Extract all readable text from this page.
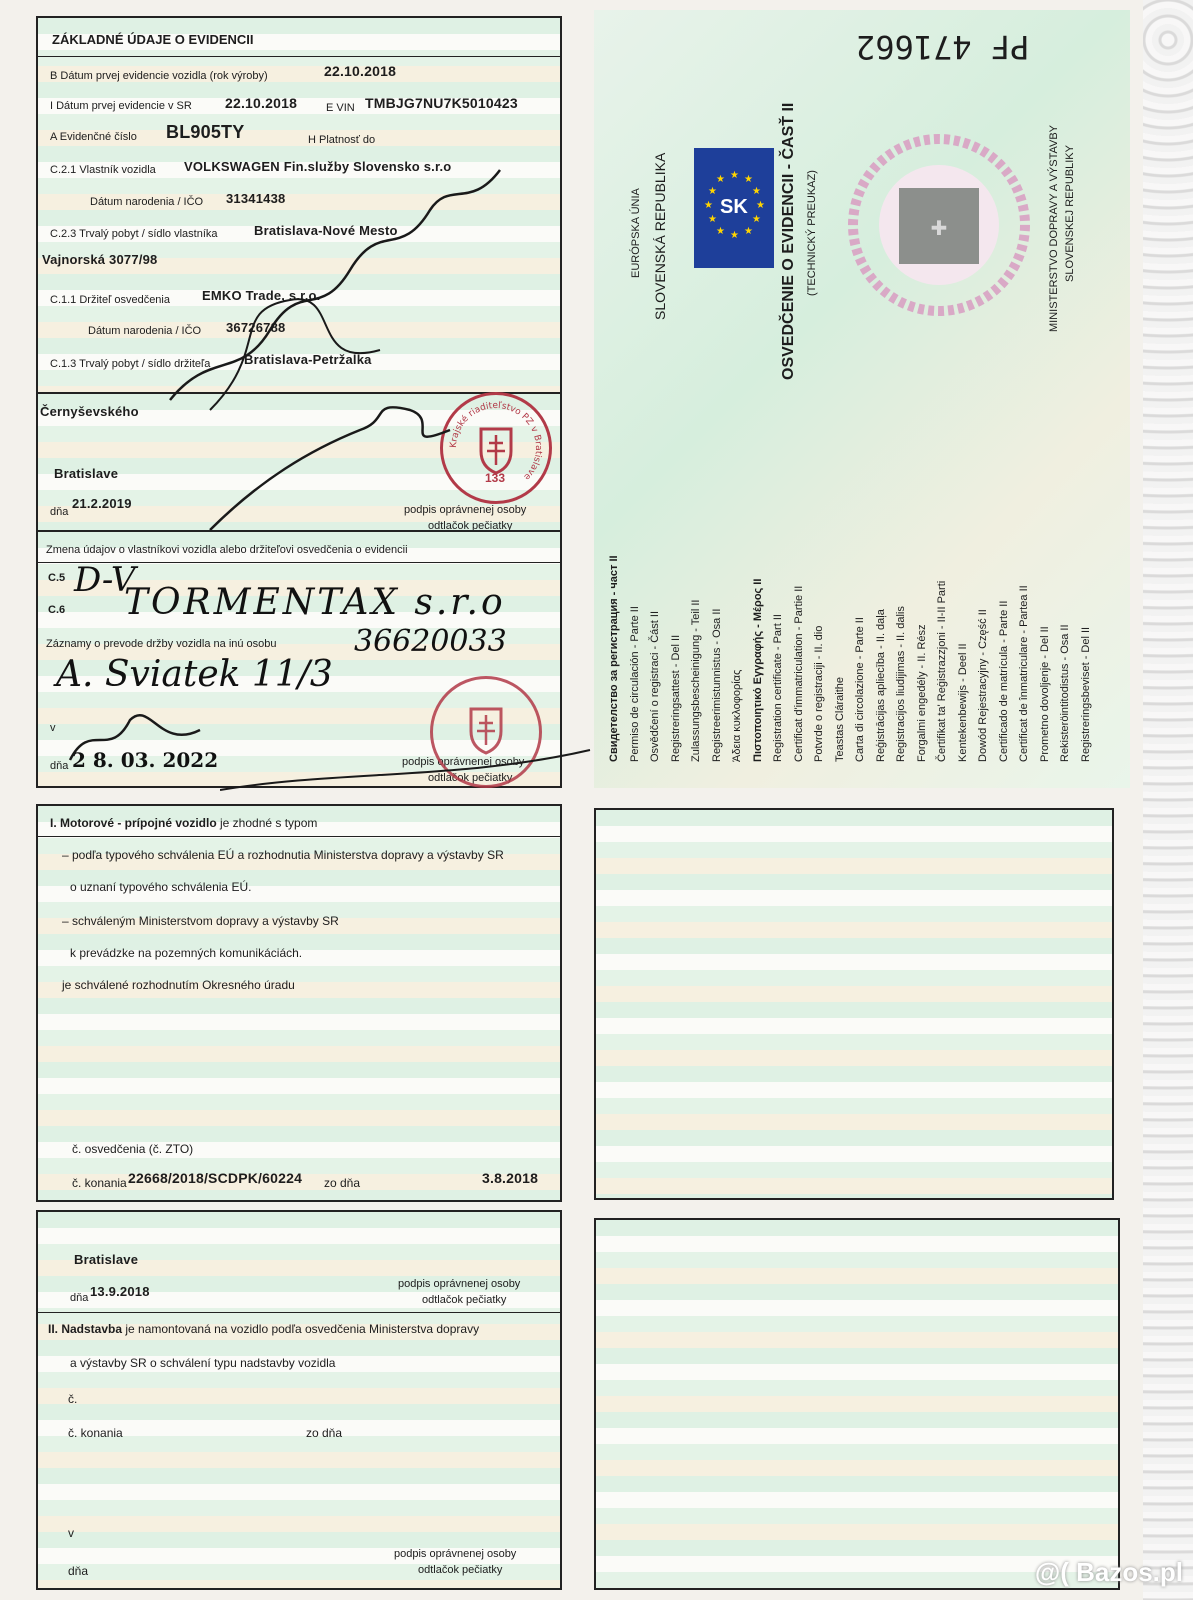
ZÁKLADNÉ ÚDAJE O EVIDENCII
B Dátum prvej evidencie vozidla (rok výroby)	22.10.2018
I Dátum prvej evidencie v SR 22.10.2018	E VIN TMBJG7NU7K5010423
A Evidenčné číslo BL905TY	H Platnosť do
C.2.1 Vlastník vozidla VOLKSWAGEN Fin.služby Slovensko s.r.o
Dátum narodenia / IČO 31341438
C.2.3 Trvalý pobyt / sídlo vlastníka	Bratislava-Nové Mesto
Vajnorská 3077/98
C.1.1 Držiteľ osvedčenia EMKO Trade, s.r.o.
Dátum narodenia / IČO 36726788
C.1.3 Trvalý pobyt / sídlo držiteľa	Bratislava-Petržalka
Černyševského
Bratislave
dňa
21.2.2019	podpis oprávnenej osoby
odtlačok pečiatky
Zmena údajov o vlastníkovi vozidla alebo držiteľovi osvedčenia o evidencii
C.5 D-V
C.6 TORMENTAX s.r.o
Záznamy o prevode držby vozidla na inú osobu	36620033
A. Sviatek 11/3
v
dňa 2 8. 03. 2022	podpis oprávnenej osoby
odtlačok pečiatky
PF 471662
SK
★ ★
★
★
★
★
★
★
★
★
★
★
EURÓPSKA ÚNIA SLOVENSKÁ REPUBLIKA	OSVEDČENIE O EVIDENCII - ČASŤ II (TECHNICKÝ PREUKAZ)	MINISTERSTVO DOPRAVY A VÝSTAVBY SLOVENSKEJ REPUBLIKY
✚
Свидетелство за регистрация - част II Permiso de circulación - Parte II Osvědčení o registraci - Část II Registreringsattest - Del II Zulassungsbescheinigung - Teil II Registreerimistunnistus - Osa II Άδεια κυκλοφορίας Πιστοποιητικό Εγγραφής - Μέρος ΙΙ Registration certificate - Part II Certificat d'immatriculation - Partie II Potvrde o registraciji - II. dio Teastas Cláraithe Carta di circolazione - Parte II Reģistrācijas apliecība - II. daļa Registracijos liudijimas - II. dalis Forgalmi engedély - II. Rész Čertifikat ta' Reġistrazzjoni - II-II Parti Kentekenbewijs - Deel II Dowód Rejestracyjny - Część II Certificado de matrícula - Parte II Certificat de înmatriculare - Partea II Prometno dovoljenje - Del II Rekisteröintitodistus - Osa II Registreringsbeviset - Del II
I. Motorové - prípojné vozidlo je zhodné s typom
– podľa typového schválenia EÚ a rozhodnutia Ministerstva dopravy a výstavby SR
o uznaní typového schválenia EÚ.
– schváleným Ministerstvom dopravy a výstavby SR
k prevádzke na pozemných komunikáciách.
je schválené rozhodnutím Okresného úradu
č. osvedčenia (č. ZTO)
č. konania 22668/2018/SCDPK/60224 zo dňa	3.8.2018
Bratislave
dňa 13.9.2018	podpis oprávnenej osoby
odtlačok pečiatky
II. Nadstavba je namontovaná na vozidlo podľa osvedčenia Ministerstva dopravy
a výstavby SR o schválení typu nadstavby vozidla
č.
č. konania	zo dňa
v
dňa
podpis oprávnenej osoby
odtlačok pečiatky
Krajské riaditeľstvo PZ v Bratislave
133
@( Bazos.pl
